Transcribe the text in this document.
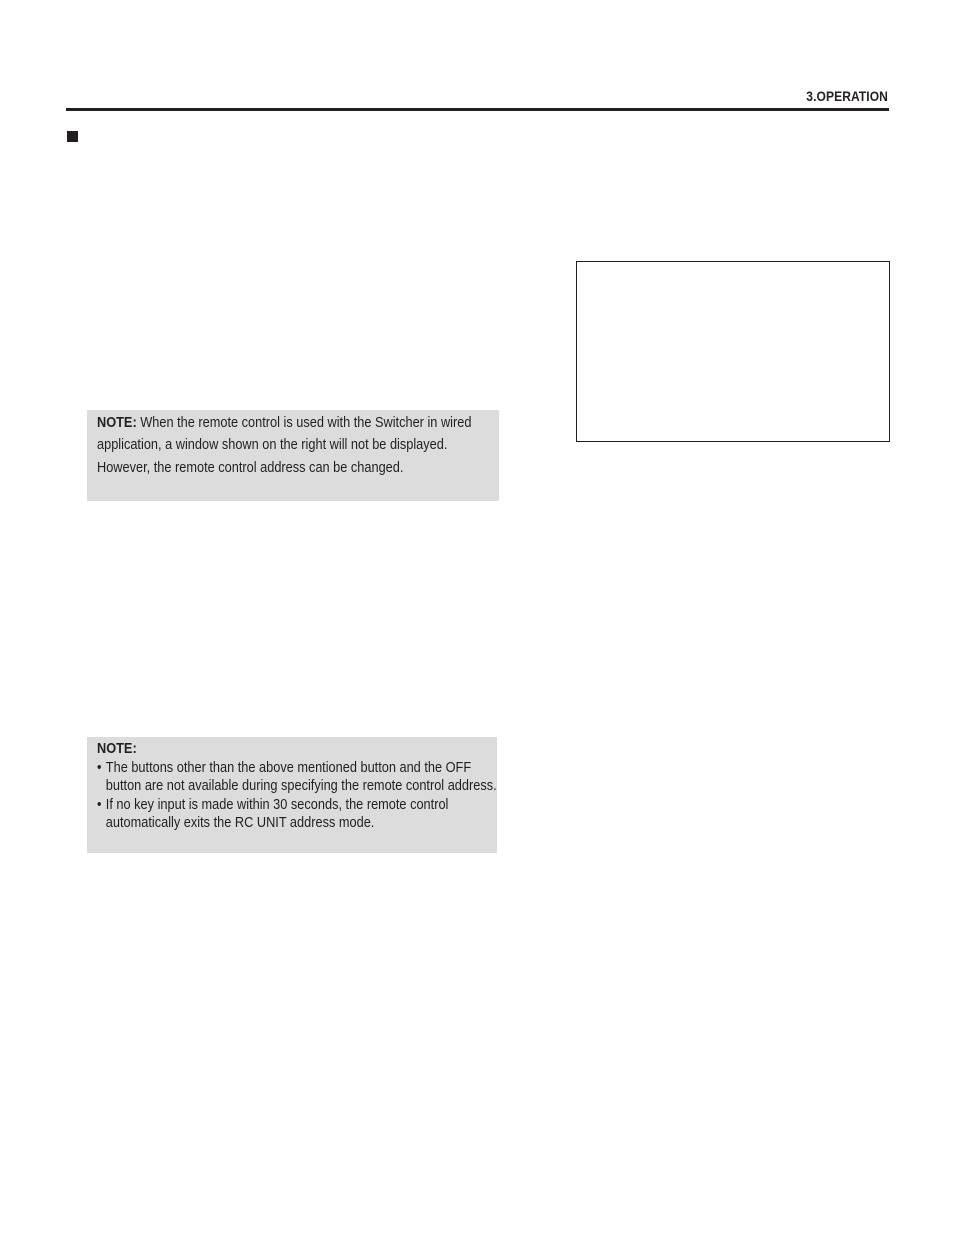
3.OPERATION
NOTE: When the remote control is used with the Switcher in wired application, a window shown on the right will not be displayed. However, the remote control address can be changed.
NOTE:
• The buttons other than the above mentioned button and the OFF button are not available during specifying the remote control address.
• If no key input is made within 30 seconds, the remote control automatically exits the RC UNIT address mode.
